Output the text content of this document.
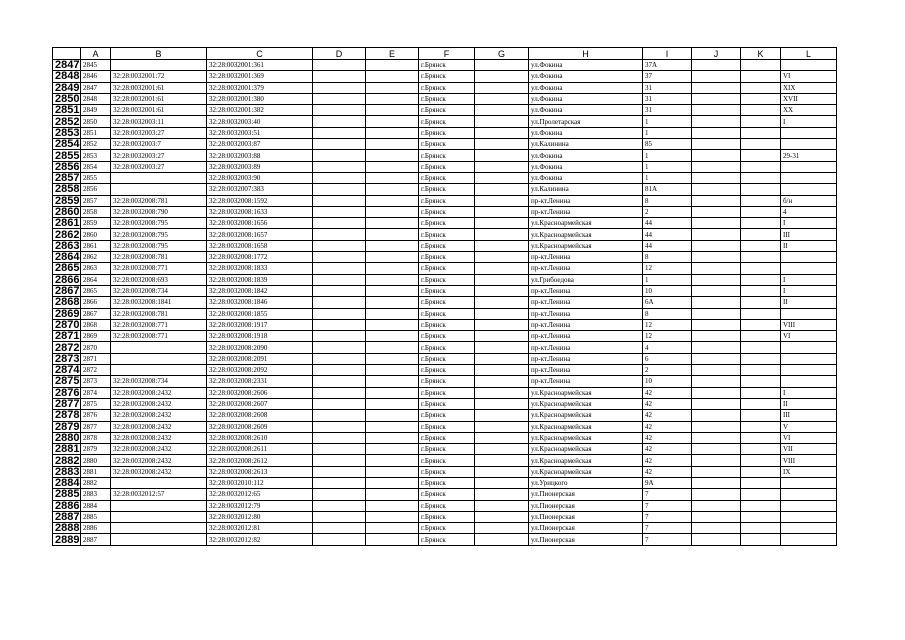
	A	B	C	D	E	F	G	H	I	J	K	L
2847	2845		32:28:0032001:361			г.Брянск		ул.Фокина	37А			
2848	2846	32:28:0032001:72	32:28:0032001:369			г.Брянск		ул.Фокина	37			VI
2849	2847	32:28:0032001:61	32:28:0032001:379			г.Брянск		ул.Фокина	31			XIX
2850	2848	32:28:0032001:61	32:28:0032001:380			г.Брянск		ул.Фокина	31			XVII
2851	2849	32:28:0032001:61	32:28:0032001:382			г.Брянск		ул.Фокина	31			XX
2852	2850	32:28:0032003:11	32:28:0032003:40			г.Брянск		ул.Пролетарская	1			I
2853	2851	32:28:0032003:27	32:28:0032003:51			г.Брянск		ул.Фокина	1			
2854	2852	32:28:0032003:7	32:28:0032003:87			г.Брянск		ул.Калинина	85			
2855	2853	32:28:0032003:27	32:28:0032003:88			г.Брянск		ул.Фокина	1			29-31
2856	2854	32:28:0032003:27	32:28:0032003:89			г.Брянск		ул.Фокина	1			
2857	2855		32:28:0032003:90			г.Брянск		ул.Фокина	1			
2858	2856		32:28:0032007:383			г.Брянск		ул.Калинина	81А			
2859	2857	32:28:0032008:781	32:28:0032008:1592			г.Брянск		пр-кт.Ленина	8			б/н
2860	2858	32:28:0032008:790	32:28:0032008:1633			г.Брянск		пр-кт.Ленина	2			4
2861	2859	32:28:0032008:795	32:28:0032008:1656			г.Брянск		ул.Красноармейская	44			I
2862	2860	32:28:0032008:795	32:28:0032008:1657			г.Брянск		ул.Красноармейская	44			III
2863	2861	32:28:0032008:795	32:28:0032008:1658			г.Брянск		ул.Красноармейская	44			II
2864	2862	32:28:0032008:781	32:28:0032008:1772			г.Брянск		пр-кт.Ленина	8			
2865	2863	32:28:0032008:771	32:28:0032008:1833			г.Брянск		пр-кт.Ленина	12			
2866	2864	32:28:0032008:693	32:28:0032008:1839			г.Брянск		ул.Грибоедова	1			I
2867	2865	32:28:0032008:734	32:28:0032008:1842			г.Брянск		пр-кт.Ленина	10			I
2868	2866	32:28:0032008:1841	32:28:0032008:1846			г.Брянск		пр-кт.Ленина	6А			II
2869	2867	32:28:0032008:781	32:28:0032008:1855			г.Брянск		пр-кт.Ленина	8			
2870	2868	32:28:0032008:771	32:28:0032008:1917			г.Брянск		пр-кт.Ленина	12			VIII
2871	2869	32:28:0032008:771	32:28:0032008:1918			г.Брянск		пр-кт.Ленина	12			VI
2872	2870		32:28:0032008:2090			г.Брянск		пр-кт.Ленина	4			
2873	2871		32:28:0032008:2091			г.Брянск		пр-кт.Ленина	6			
2874	2872		32:28:0032008:2092			г.Брянск		пр-кт.Ленина	2			
2875	2873	32:28:0032008:734	32:28:0032008:2331			г.Брянск		пр-кт.Ленина	10			
2876	2874	32:28:0032008:2432	32:28:0032008:2606			г.Брянск		ул.Красноармейская	42			I
2877	2875	32:28:0032008:2432	32:28:0032008:2607			г.Брянск		ул.Красноармейская	42			II
2878	2876	32:28:0032008:2432	32:28:0032008:2608			г.Брянск		ул.Красноармейская	42			III
2879	2877	32:28:0032008:2432	32:28:0032008:2609			г.Брянск		ул.Красноармейская	42			V
2880	2878	32:28:0032008:2432	32:28:0032008:2610			г.Брянск		ул.Красноармейская	42			VI
2881	2879	32:28:0032008:2432	32:28:0032008:2611			г.Брянск		ул.Красноармейская	42			VII
2882	2880	32:28:0032008:2432	32:28:0032008:2612			г.Брянск		ул.Красноармейская	42			VIII
2883	2881	32:28:0032008:2432	32:28:0032008:2613			г.Брянск		ул.Красноармейская	42			IX
2884	2882		32:28:0032010:112			г.Брянск		ул.Урицкого	9А			
2885	2883	32:28:0032012:57	32:28:0032012:65			г.Брянск		ул.Пионерская	7			
2886	2884		32:28:0032012:79			г.Брянск		ул.Пионерская	7			
2887	2885		32:28:0032012:80			г.Брянск		ул.Пионерская	7			
2888	2886		32:28:0032012:81			г.Брянск		ул.Пионерская	7			
2889	2887		32:28:0032012:82			г.Брянск		ул.Пионерская	7			
